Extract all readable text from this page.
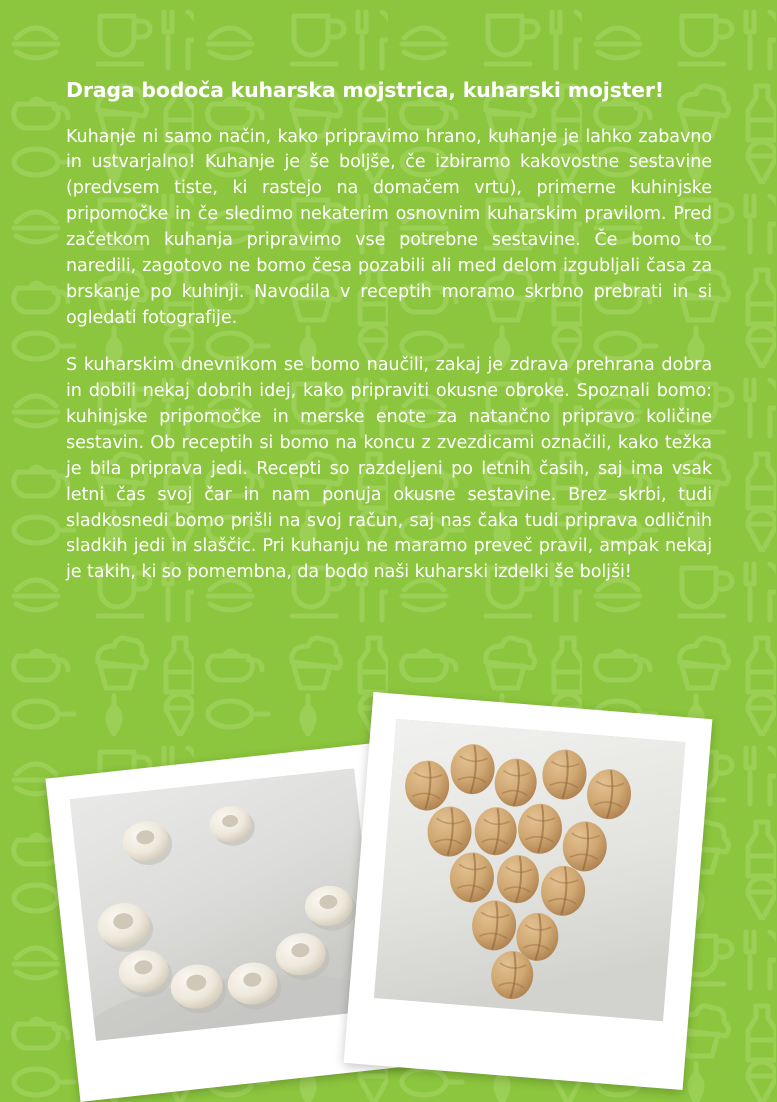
Draga bodoča kuharska mojstrica, kuharski mojster!

Kuhanje ni samo način, kako pripravimo hrano, kuhanje je lahko zabavno in ustvarjalno! Kuhanje je še boljše, če izbiramo kakovostne sestavine (predvsem tiste, ki rastejo na domačem vrtu), primerne kuhinjske pripomočke in če sledimo nekaterim osnovnim kuharskim pravilom. Pred začetkom kuhanja pripravimo vse potrebne sestavine. Če bomo to naredili, zagotovo ne bomo česa pozabili ali med delom izgubljali časa za brskanje po kuhinji. Navodila v receptih moramo skrbno prebrati in si ogledati fotografije.

S kuharskim dnevnikom se bomo naučili, zakaj je zdrava prehrana dobra in dobili nekaj dobrih idej, kako pripraviti okusne obroke. Spoznali bomo: kuhinjske pripomočke in merske enote za natančno pripravo količine sestavin. Ob receptih si bomo na koncu z zvezdicami označili, kako težka je bila priprava jedi. Recepti so razdeljeni po letnih časih, saj ima vsak letni čas svoj čar in nam ponuja okusne sestavine. Brez skrbi, tudi sladkosnedi bomo prišli na svoj račun, saj nas čaka tudi priprava odličnih sladkih jedi in slaščic. Pri kuhanju ne maramo preveč pravil, ampak nekaj je takih, ki so pomembna, da bodo naši kuharski izdelki še boljši!

4
